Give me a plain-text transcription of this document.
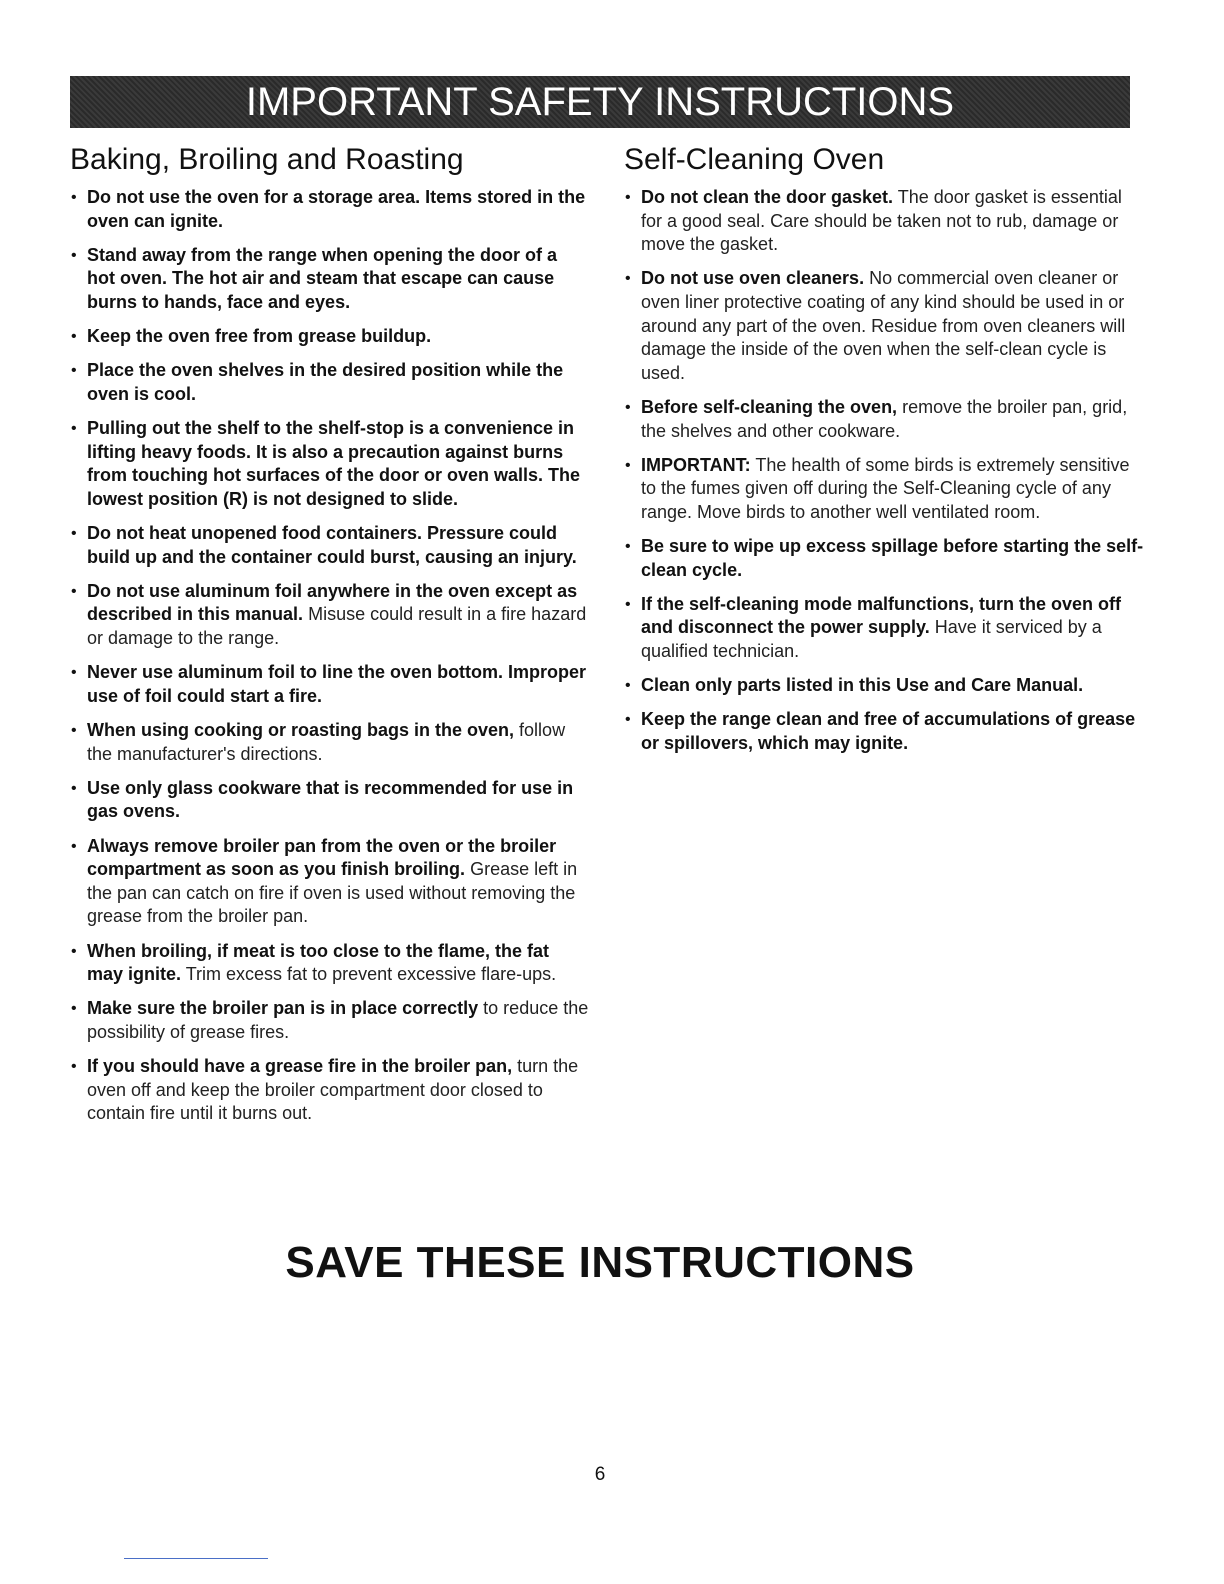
IMPORTANT SAFETY INSTRUCTIONS
Baking, Broiling and Roasting
• Do not use the oven for a storage area. Items stored in the oven can ignite.
• Stand away from the range when opening the door of a hot oven. The hot air and steam that escape can cause burns to hands, face and eyes.
• Keep the oven free from grease buildup.
• Place the oven shelves in the desired position while the oven is cool.
• Pulling out the shelf to the shelf-stop is a convenience in lifting heavy foods. It is also a precaution against burns from touching hot surfaces of the door or oven walls. The lowest position (R) is not designed to slide.
• Do not heat unopened food containers. Pressure could build up and the container could burst, causing an injury.
• Do not use aluminum foil anywhere in the oven except as described in this manual. Misuse could result in a fire hazard or damage to the range.
• Never use aluminum foil to line the oven bottom. Improper use of foil could start a fire.
• When using cooking or roasting bags in the oven, follow the manufacturer's directions.
• Use only glass cookware that is recommended for use in gas ovens.
• Always remove broiler pan from the oven or the broiler compartment as soon as you finish broiling. Grease left in the pan can catch on fire if oven is used without removing the grease from the broiler pan.
• When broiling, if meat is too close to the flame, the fat may ignite. Trim excess fat to prevent excessive flare-ups.
• Make sure the broiler pan is in place correctly to reduce the possibility of grease fires.
• If you should have a grease fire in the broiler pan, turn the oven off and keep the broiler compartment door closed to contain fire until it burns out.
Self-Cleaning Oven
• Do not clean the door gasket. The door gasket is essential for a good seal. Care should be taken not to rub, damage or move the gasket.
• Do not use oven cleaners. No commercial oven cleaner or oven liner protective coating of any kind should be used in or around any part of the oven. Residue from oven cleaners will damage the inside of the oven when the self-clean cycle is used.
• Before self-cleaning the oven, remove the broiler pan, grid, the shelves and other cookware.
• IMPORTANT: The health of some birds is extremely sensitive to the fumes given off during the Self-Cleaning cycle of any range. Move birds to another well ventilated room.
• Be sure to wipe up excess spillage before starting the self-clean cycle.
• If the self-cleaning mode malfunctions, turn the oven off and disconnect the power supply. Have it serviced by a qualified technician.
• Clean only parts listed in this Use and Care Manual.
• Keep the range clean and free of accumulations of grease or spillovers, which may ignite.
SAVE THESE INSTRUCTIONS
6
